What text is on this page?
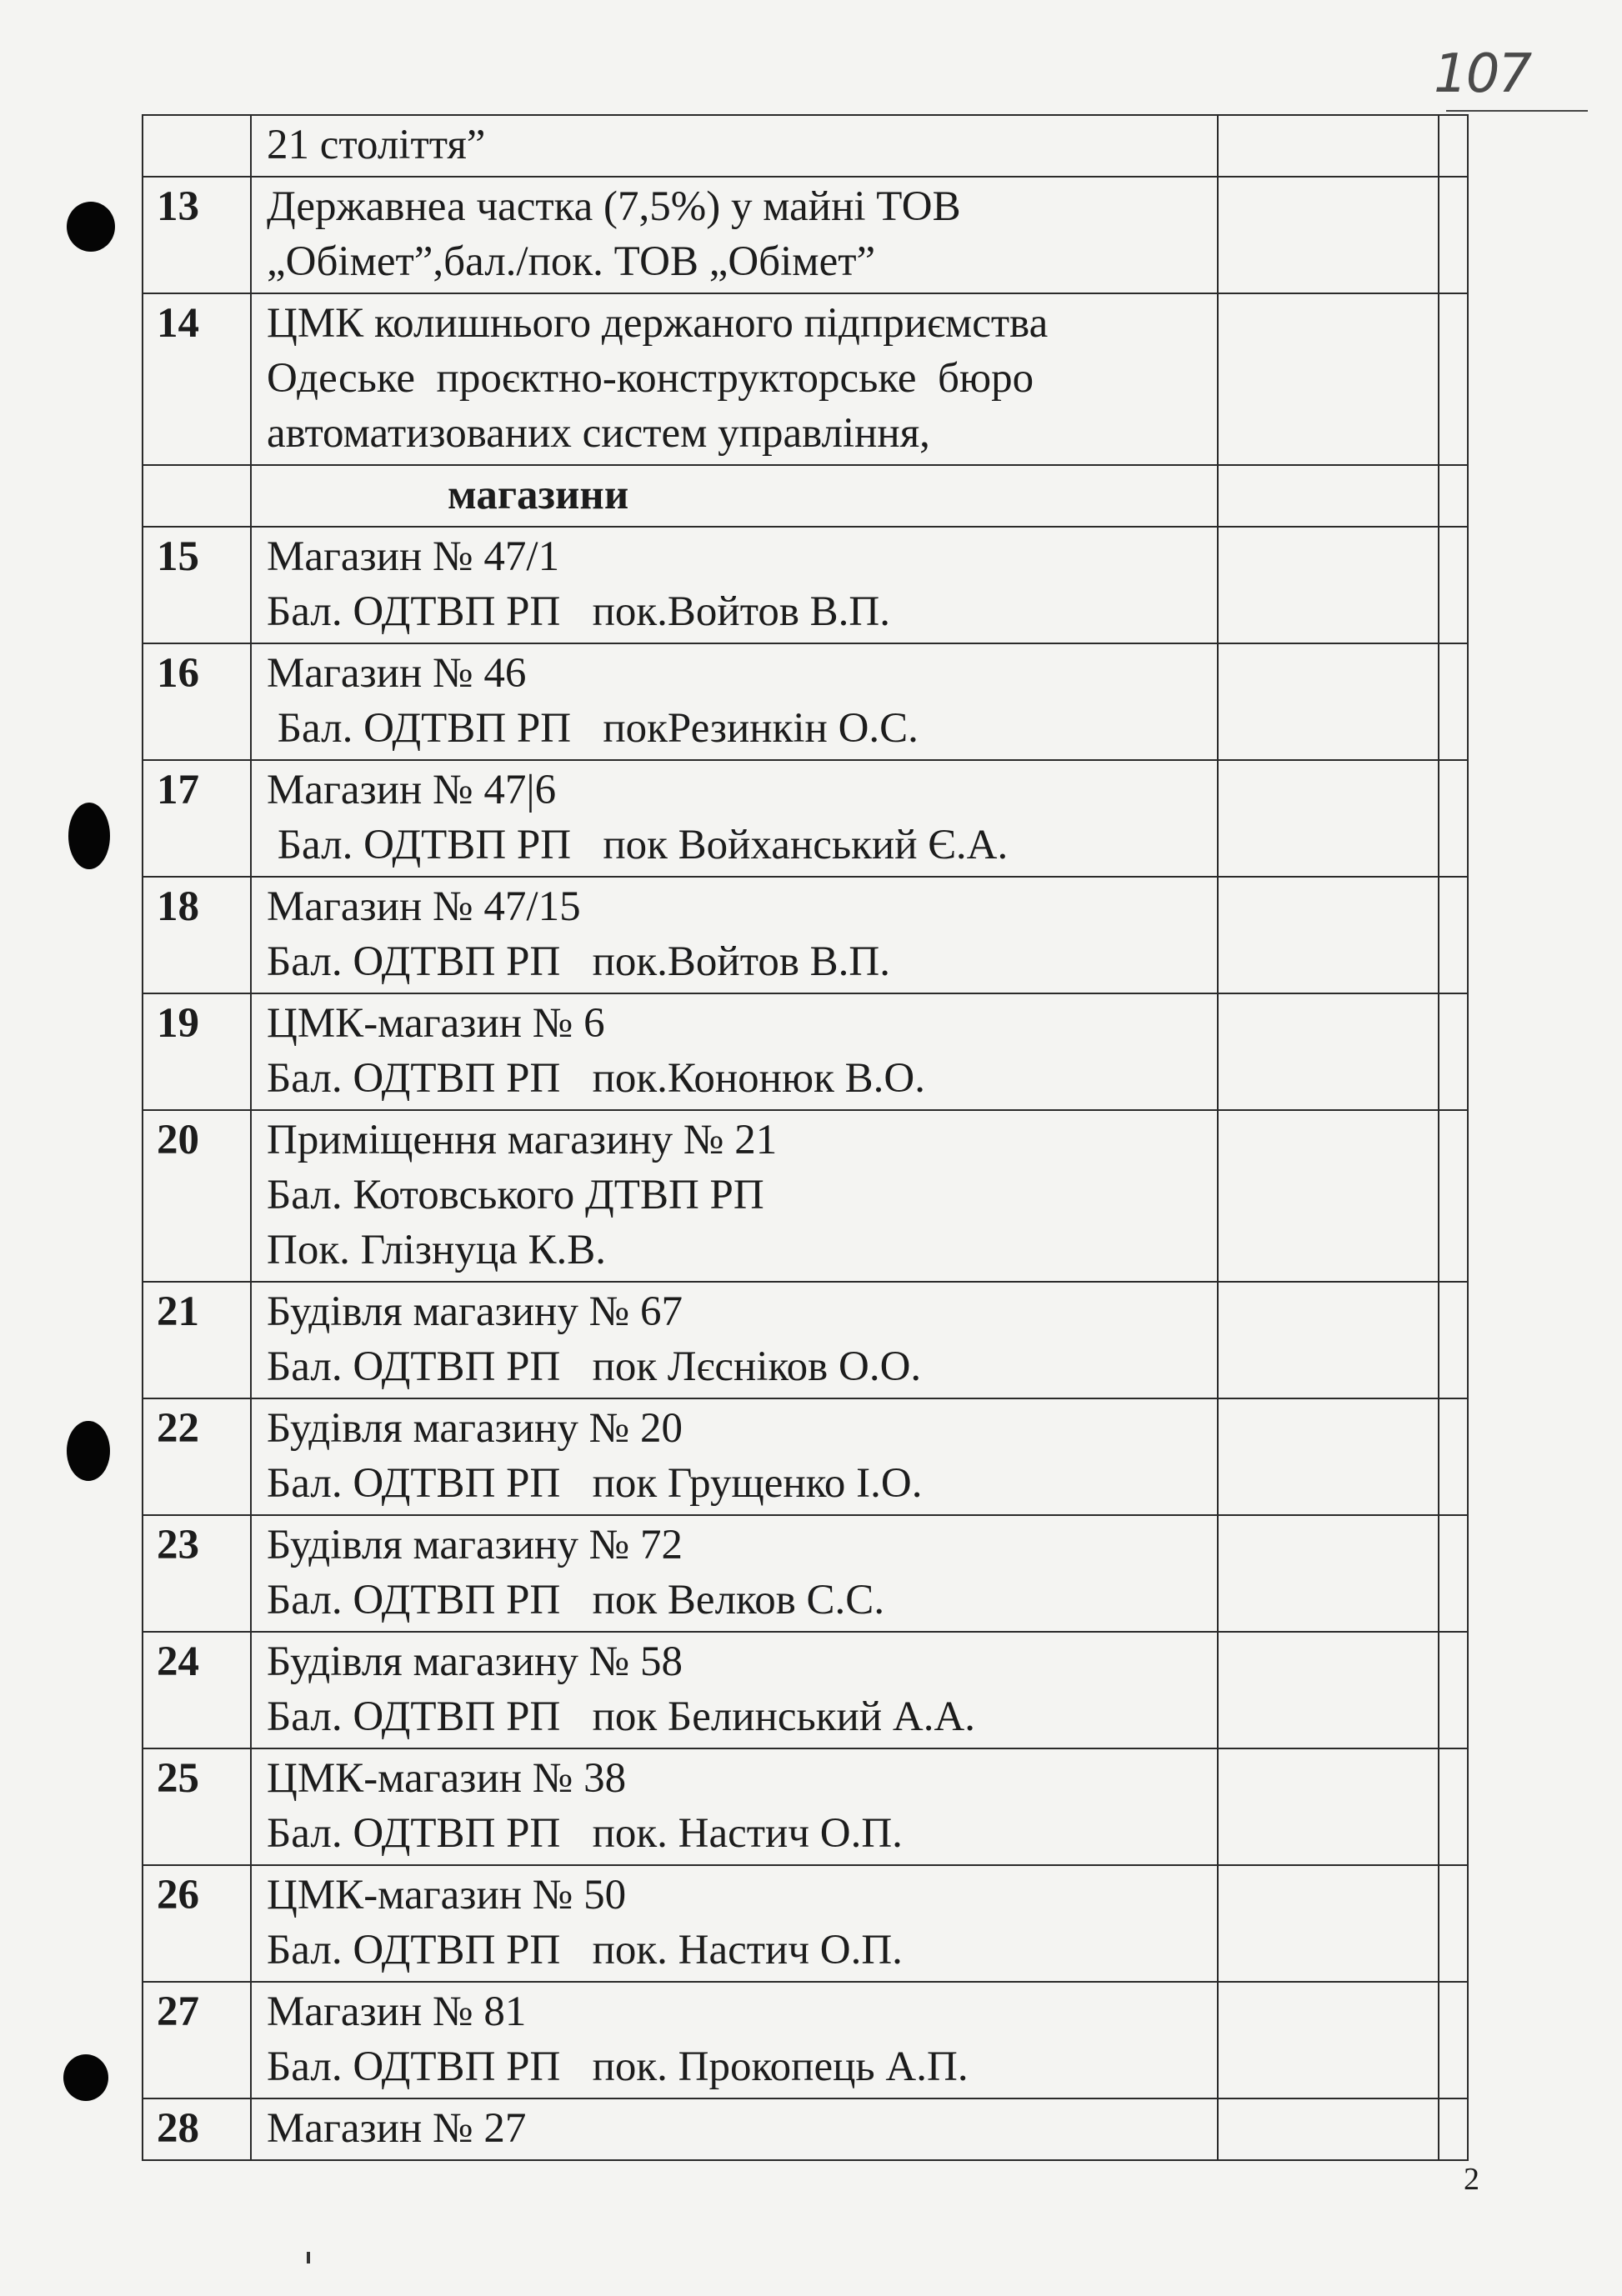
107

	21 століття”		

13	Державнеа частка (7,5%) у майні ТОВ
„Обімет”,бал./пок. ТОВ „Обімет”		

14	ЦМК колишнього держаного підприємства
Одеське  проєктно-конструкторське  бюро
автоматизованих систем управління,		

	магазини		

15	Магазин № 47/1
Бал. ОДТВП РП   пок.Войтов В.П.		

16	Магазин № 46
Бал. ОДТВП РП   покРезинкін О.С.		

17	Магазин № 47|6
Бал. ОДТВП РП   пок Войханський Є.А.		

18	Магазин № 47/15
Бал. ОДТВП РП   пок.Войтов В.П.		

19	ЦМК-магазин № 6
Бал. ОДТВП РП   пок.Кононюк В.О.		

20	Приміщення магазину № 21
Бал. Котовського ДТВП РП
Пок. Глізнуца К.В.		

21	Будівля магазину № 67
Бал. ОДТВП РП   пок Лєсніков О.О.		

22	Будівля магазину № 20
Бал. ОДТВП РП   пок Грущенко І.О.		

23	Будівля магазину № 72
Бал. ОДТВП РП   пок Велков С.С.		

24	Будівля магазину № 58
Бал. ОДТВП РП   пок Белинський А.А.		

25	ЦМК-магазин № 38
Бал. ОДТВП РП   пок. Настич О.П.		

26	ЦМК-магазин № 50
Бал. ОДТВП РП   пок. Настич О.П.		

27	Магазин № 81
Бал. ОДТВП РП   пок. Прокопець А.П.		

28	Магазин № 27		

2
